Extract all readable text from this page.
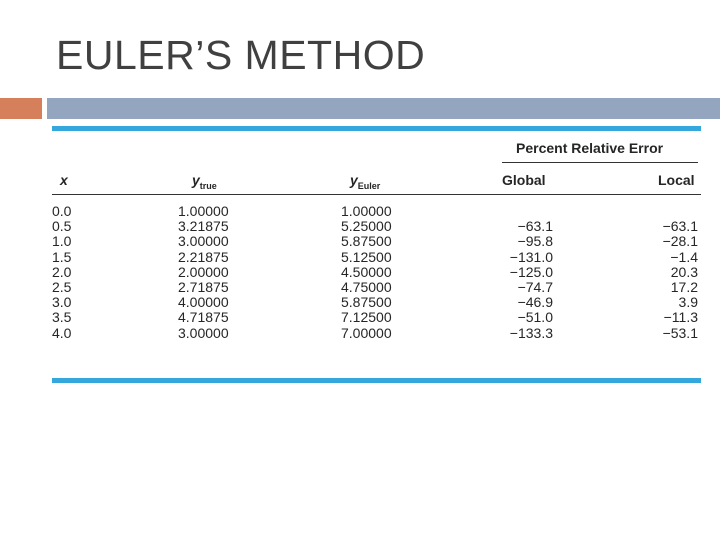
EULER’S METHOD
Percent Relative Error
x	$y_{true}$	$y_{Euler}$	Global	Local
0.0	1.00000	1.00000
0.5	3.21875	5.25000	−63.1	−63.1
1.0	3.00000	5.87500	−95.8	−28.1
1.5	2.21875	5.12500	−131.0	−1.4
2.0	2.00000	4.50000	−125.0	20.3
2.5	2.71875	4.75000	−74.7	17.2
3.0	4.00000	5.87500	−46.9	3.9
3.5	4.71875	7.12500	−51.0	−11.3
4.0	3.00000	7.00000	−133.3	−53.1
